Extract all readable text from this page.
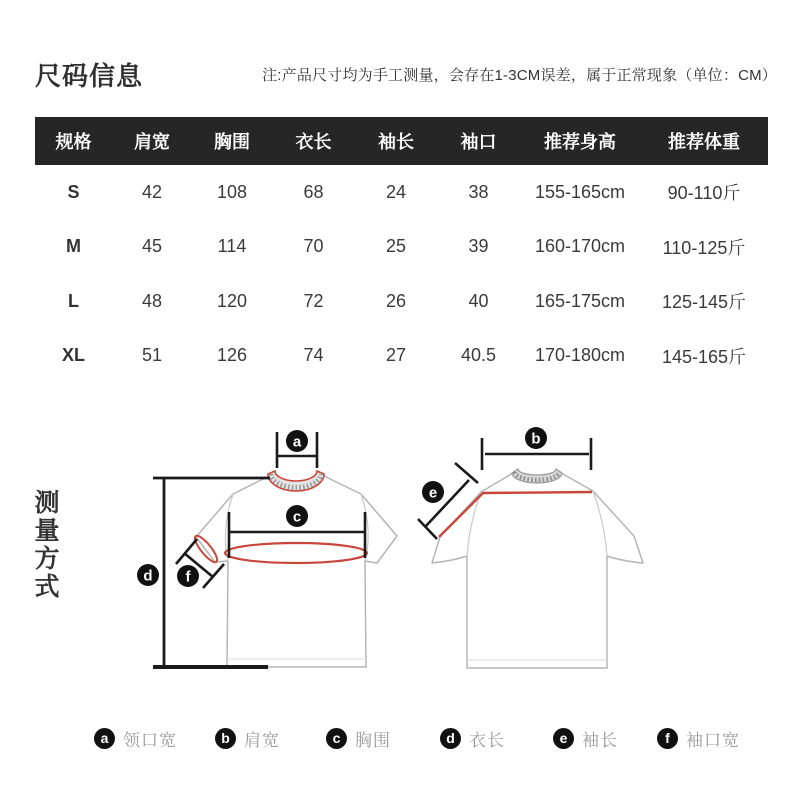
尺码信息	注:产品尺寸均为手工测量，会存在1-3CM误差，属于正常现象（单位：CM）
规格 肩宽 胸围	衣长	袖长	袖口	推荐身高	推荐体重
S	42	108	68	24	38	155-165cm 90-110斤
M	45	114	70	25	39	160-170cm 110-125斤
L	48	120	72	26	40	165-175cm 125-145斤
XL	51	126	74	27	40.5 170-180cm 145-165斤
测量方式
a
c
d f
b
e
a 领口宽	b 肩宽	c 胸围	d 衣长	e 袖长	f 袖口宽
